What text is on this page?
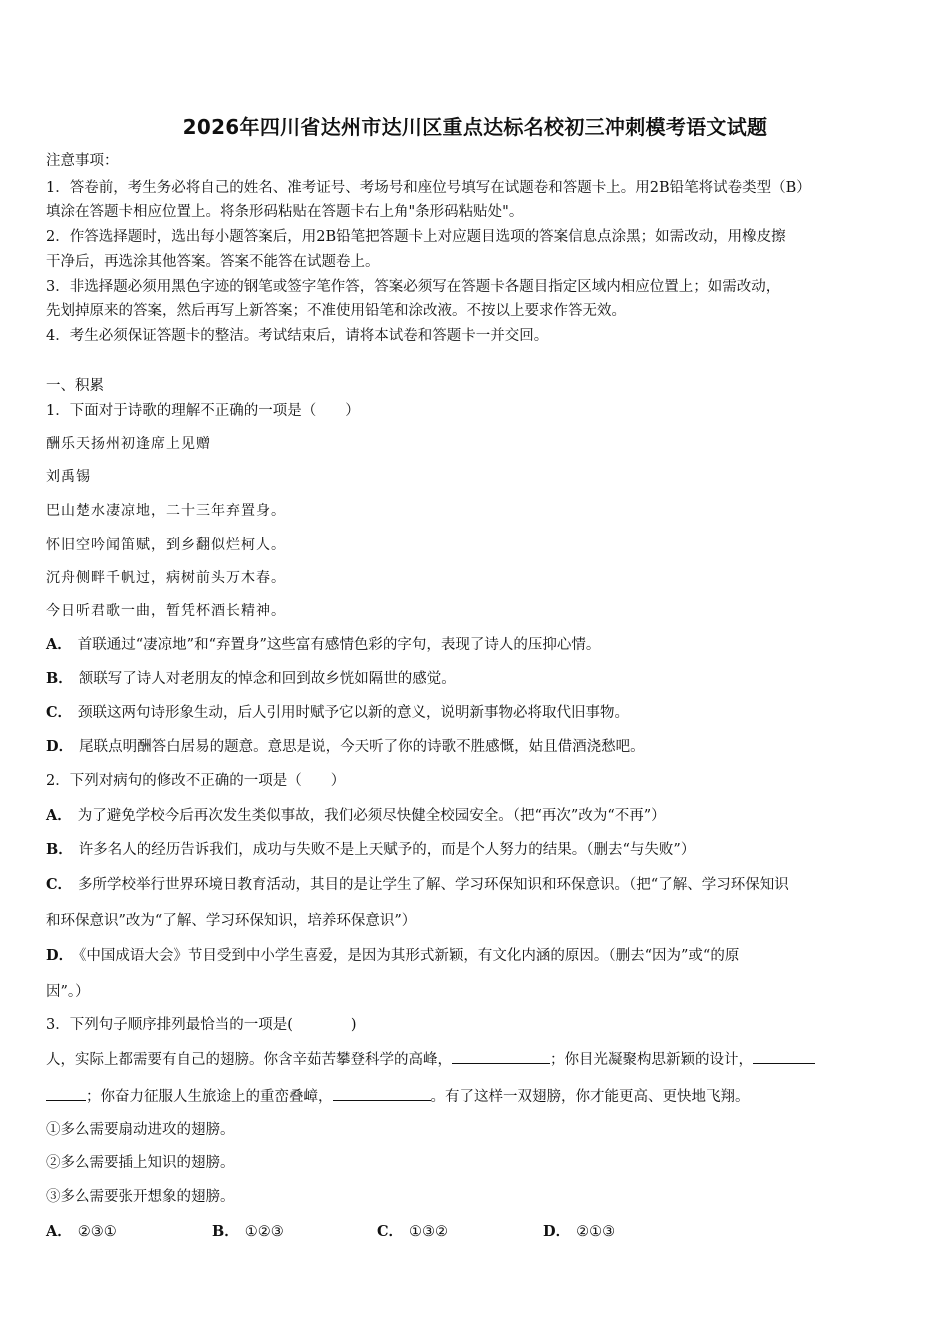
2026年四川省达州市达川区重点达标名校初三冲刺模考语文试题
注意事项：
1．答卷前，考生务必将自己的姓名、准考证号、考场号和座位号填写在试题卷和答题卡上。用2B铅笔将试卷类型（B）
填涂在答题卡相应位置上。将条形码粘贴在答题卡右上角"条形码粘贴处"。
2．作答选择题时，选出每小题答案后，用2B铅笔把答题卡上对应题目选项的答案信息点涂黑；如需改动，用橡皮擦
干净后，再选涂其他答案。答案不能答在试题卷上。
3．非选择题必须用黑色字迹的钢笔或签字笔作答，答案必须写在答题卡各题目指定区域内相应位置上；如需改动，
先划掉原来的答案，然后再写上新答案；不准使用铅笔和涂改液。不按以上要求作答无效。
4．考生必须保证答题卡的整洁。考试结束后，请将本试卷和答题卡一并交回。
一、积累
1．下面对于诗歌的理解不正确的一项是（　　）
酬乐天扬州初逢席上见赠
刘禹锡
巴山楚水凄凉地，二十三年弃置身。
怀旧空吟闻笛赋，到乡翻似烂柯人。
沉舟侧畔千帆过，病树前头万木春。
今日听君歌一曲，暂凭杯酒长精神。
A． 首联通过“凄凉地”和“弃置身”这些富有感情色彩的字句，表现了诗人的压抑心情。
B． 颔联写了诗人对老朋友的悼念和回到故乡恍如隔世的感觉。
C． 颈联这两句诗形象生动，后人引用时赋予它以新的意义，说明新事物必将取代旧事物。
D． 尾联点明酬答白居易的题意。意思是说，今天听了你的诗歌不胜感慨，姑且借酒浇愁吧。
2．下列对病句的修改不正确的一项是（　　）
A． 为了避免学校今后再次发生类似事故，我们必须尽快健全校园安全。（把“再次”改为“不再”）
B． 许多名人的经历告诉我们，成功与失败不是上天赋予的，而是个人努力的结果。（删去“与失败”）
C． 多所学校举行世界环境日教育活动，其目的是让学生了解、学习环保知识和环保意识。（把“了解、学习环保知识
和环保意识”改为“了解、学习环保知识，培养环保意识”）
D． 《中国成语大会》节目受到中小学生喜爱，是因为其形式新颖，有文化内涵的原因。（删去“因为”或“的原
因”。）
3．下列句子顺序排列最恰当的一项是(　　　　)
人，实际上都需要有自己的翅膀。你含辛茹苦攀登科学的高峰，	；你目光凝聚构思新颖的设计，
；你奋力征服人生旅途上的重峦叠嶂，	。有了这样一双翅膀，你才能更高、更快地飞翔。
①多么需要扇动进攻的翅膀。
②多么需要插上知识的翅膀。
③多么需要张开想象的翅膀。
A． ②③①	B． ①②③	C． ①③②	D． ②①③
